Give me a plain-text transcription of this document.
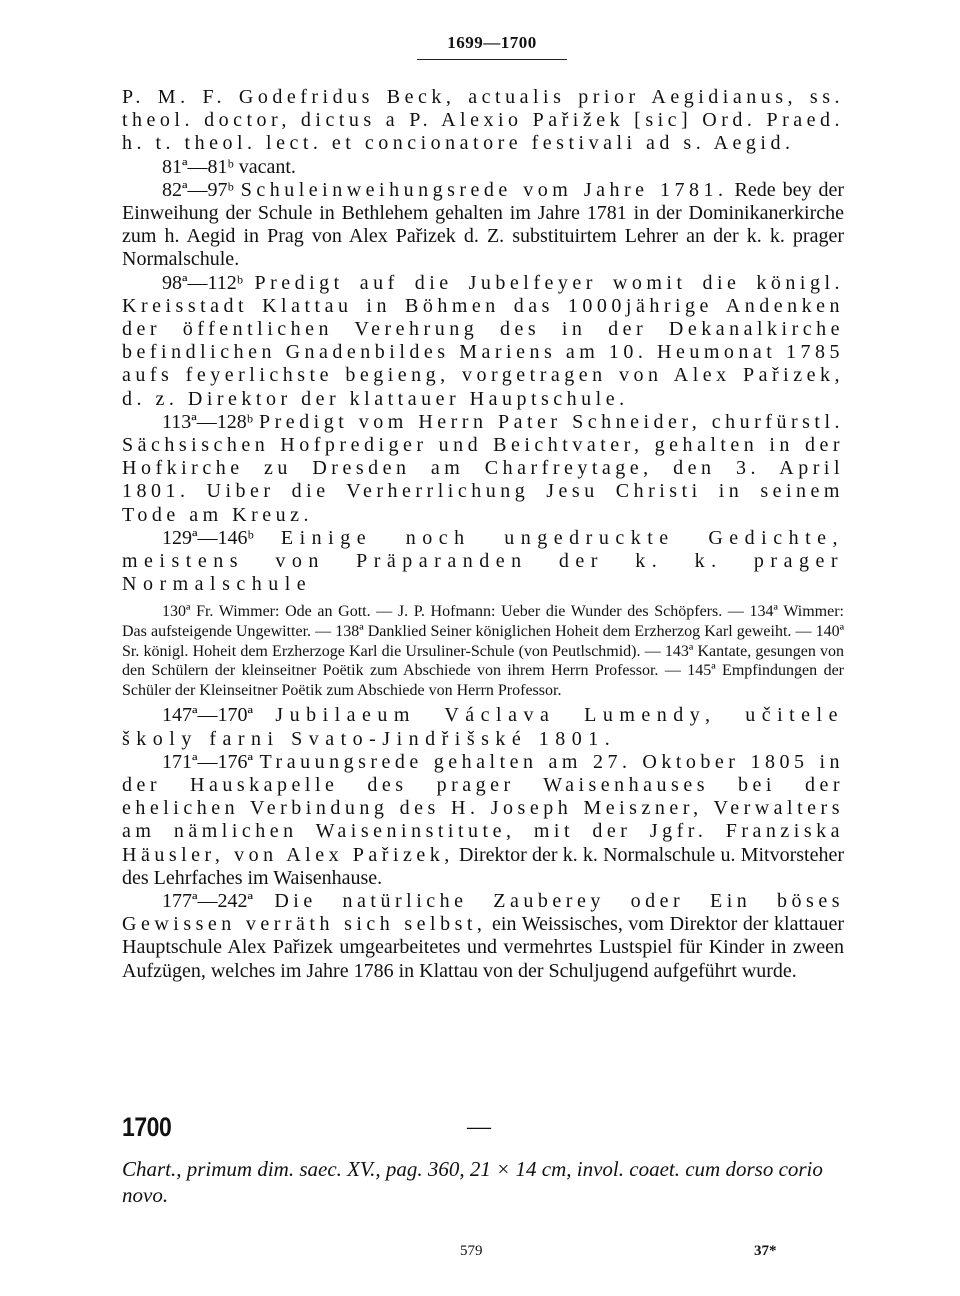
1699—1700

P. M. F. Godefridus Beck, actualis prior Aegidianus, ss. theol. doctor, dictus a P. Alexio Pařižek [sic] Ord. Praed. h. t. theol. lect. et concionatore festivali ad s. Aegid.

81ª—81ᵇ vacant.

82ª—97ᵇ Schuleinweihungsrede vom Jahre 1781. Rede bey der Einweihung der Schule in Bethlehem gehalten im Jahre 1781 in der Dominikanerkirche zum h. Aegid in Prag von Alex Pařizek d. Z. substituirtem Lehrer an der k. k. prager Normalschule.

98ª—112ᵇ Predigt auf die Jubelfeyer womit die königl. Kreisstadt Klattau in Böhmen das 1000jährige Andenken der öffentlichen Verehrung des in der Dekanalkirche befindlichen Gnadenbildes Mariens am 10. Heumonat 1785 aufs feyerlichste begieng, vorgetragen von Alex Pařizek, d. z. Direktor der klattauer Hauptschule.

113ª—128ᵇ Predigt vom Herrn Pater Schneider, churfürstl. Sächsischen Hofprediger und Beichtvater, gehalten in der Hofkirche zu Dresden am Charfreytage, den 3. April 1801. Uiber die Verherrlichung Jesu Christi in seinem Tode am Kreuz.

129ª—146ᵇ Einige noch ungedruckte Gedichte, meistens von Präparanden der k. k. prager Normalschule

130ª Fr. Wimmer: Ode an Gott. — J. P. Hofmann: Ueber die Wunder des Schöpfers. — 134ª Wimmer: Das aufsteigende Ungewitter. — 138ª Danklied Seiner königlichen Hoheit dem Erzherzog Karl geweiht. — 140ª Sr. königl. Hoheit dem Erzherzoge Karl die Ursuliner-Schule (von Peutlschmid). — 143ª Kantate, gesungen von den Schülern der kleinseitner Poëtik zum Abschiede von ihrem Herrn Professor. — 145ª Empfindungen der Schüler der Kleinseitner Poëtik zum Abschiede von Herrn Professor.

147ª—170ª Jubilaeum Václava Lumendy, učitele školy farni Svato-Jindřišské 1801.

171ª—176ª Trauungsrede gehalten am 27. Oktober 1805 in der Hauskapelle des prager Waisenhauses bei der ehelichen Verbindung des H. Joseph Meiszner, Verwalters am nämlichen Waiseninstitute, mit der Jgfr. Franziska Häusler, von Alex Pařizek, Direktor der k. k. Normalschule u. Mitvorsteher des Lehrfaches im Waisenhause.

177ª—242ª Die natürliche Zauberey oder Ein böses Gewissen verräth sich selbst, ein Weissisches, vom Direktor der klattauer Hauptschule Alex Pařizek umgearbeitetes und vermehrtes Lustspiel für Kinder in zween Aufzügen, welches im Jahre 1786 in Klattau von der Schuljugend aufgeführt wurde.

1700	—
Chart., primum dim. saec. XV., pag. 360, 21 × 14 cm, invol. coaet. cum dorso corio novo.
579	37*
